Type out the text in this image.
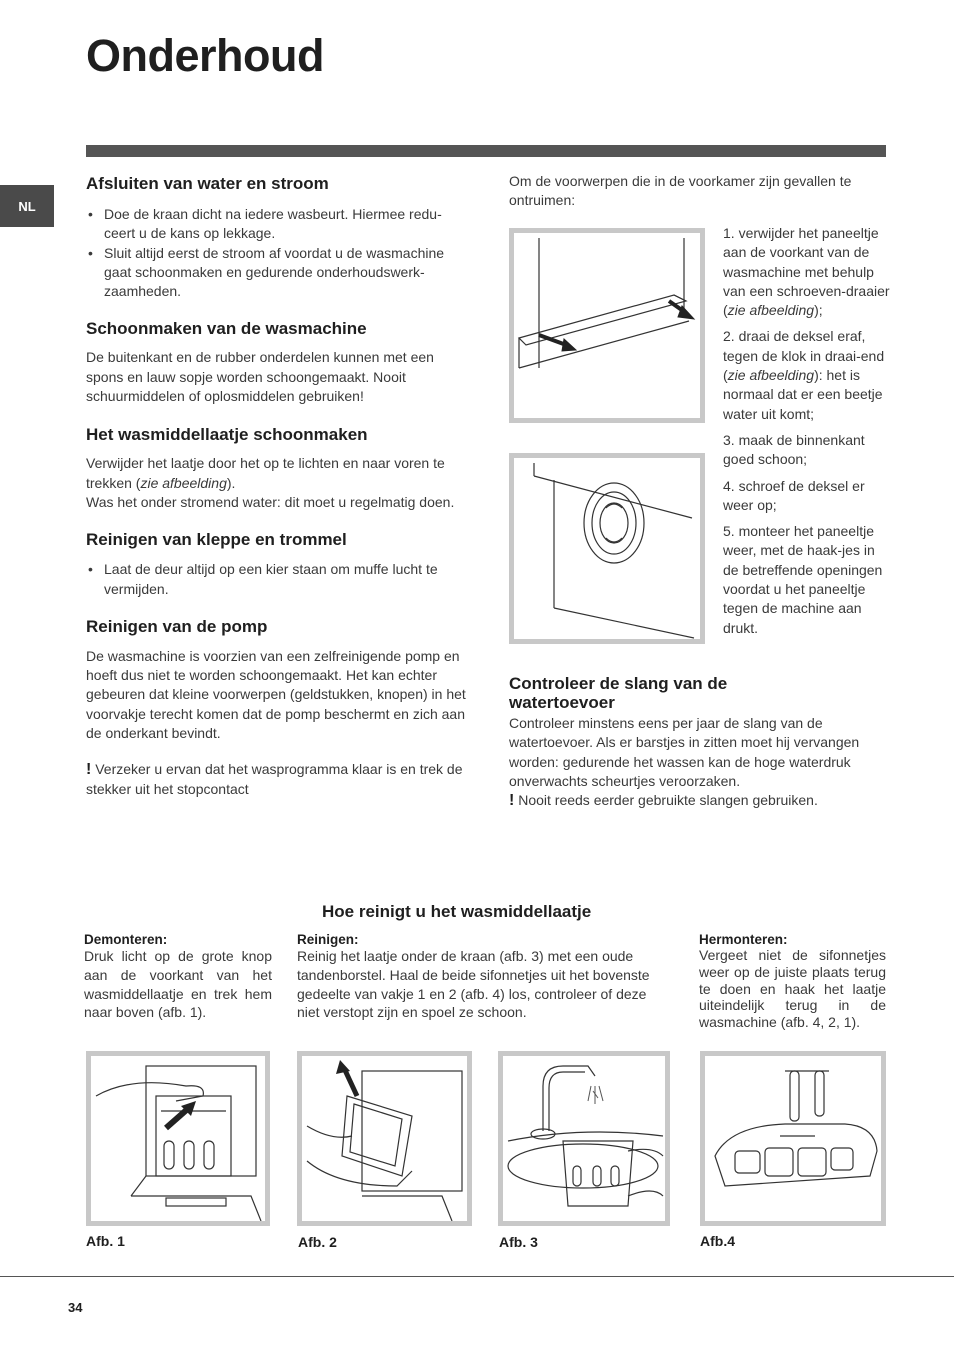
Onderhoud
NL

Afsluiten van water en stroom

• Doe de kraan dicht na iedere wasbeurt. Hiermee redu-ceert u de kans op lekkage.
• Sluit altijd eerst de stroom af voordat u de wasmachine gaat schoonmaken en gedurende onderhoudswerk-zaamheden.

Schoonmaken van de wasmachine

De buitenkant en de rubber onderdelen kunnen met een spons en lauw sopje worden schoongemaakt. Nooit schuurmiddelen of oplosmiddelen gebruiken!

Het wasmiddellaatje schoonmaken

Verwijder het laatje door het op te lichten en naar voren te trekken (zie afbeelding).
Was het onder stromend water: dit moet u regelmatig doen.

Reinigen van kleppe en trommel

• Laat de deur altijd op een kier staan om muffe lucht te vermijden.

Reinigen van de pomp

De wasmachine is voorzien van een zelfreinigende pomp en hoeft dus niet te worden schoongemaakt. Het kan echter gebeuren dat kleine voorwerpen (geldstukken, knopen) in het voorvakje terecht komen dat de pomp beschermt en zich aan de onderkant bevindt.

! Verzeker u ervan dat het wasprogramma klaar is en trek de stekker uit het stopcontact

Om de voorwerpen die in de voorkamer zijn gevallen te ontruimen:

1. verwijder het paneeltje aan de voorkant van de wasmachine met behulp van een schroeven-draaier (zie afbeelding);

2. draai de deksel eraf, tegen de klok in draai-end (zie afbeelding): het is normaal dat er een beetje water uit komt;

3. maak de binnenkant goed schoon;

4. schroef de deksel er weer op;

5. monteer het paneeltje weer, met de haak-jes in de betreffende openingen voordat u het paneeltje tegen de machine aan drukt.

Controleer de slang van de watertoevoer

Controleer minstens eens per jaar de slang van de watertoevoer. Als er barstjes in zitten moet hij vervangen worden: gedurende het wassen kan de hoge waterdruk onverwachts scheurtjes veroorzaken.

! Nooit reeds eerder gebruikte slangen gebruiken.

Hoe reinigt u het wasmiddellaatje

Demonteren:

Druk licht op de grote knop aan de voorkant van het wasmiddellaatje en trek hem naar boven (afb. 1).

Reinigen:

Reinig het laatje onder de kraan (afb. 3) met een oude tandenborstel. Haal de beide sifonnetjes uit het bovenste gedeelte van vakje 1 en 2 (afb. 4) los, controleer of deze niet verstopt zijn en spoel ze schoon.

Hermonteren:

Vergeet niet de sifonnetjes weer op de juiste plaats terug te doen en haak het laatje uiteindelijk terug in de wasmachine (afb. 4, 2, 1).

Afb. 1	Afb. 2	Afb. 3	Afb.4
34
